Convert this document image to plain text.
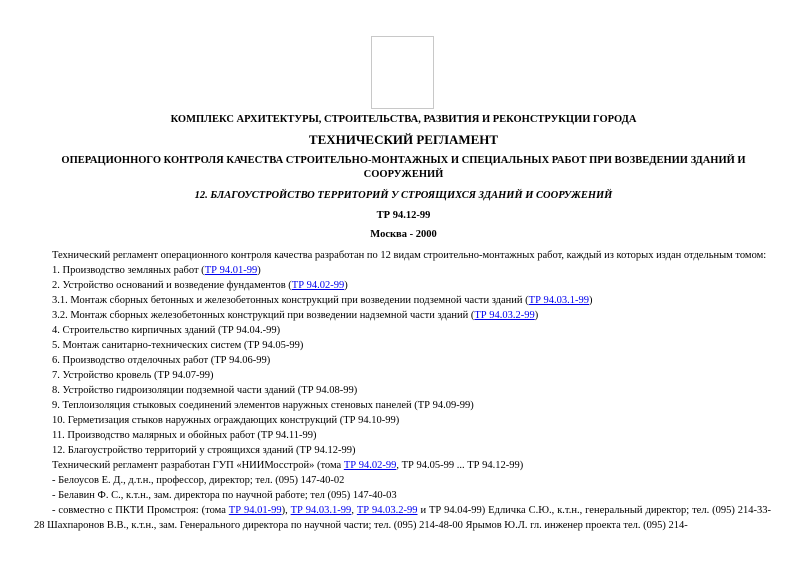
КОМПЛЕКС АРХИТЕКТУРЫ, СТРОИТЕЛЬСТВА, РАЗВИТИЯ И РЕКОНСТРУКЦИИ ГОРОДА
ТЕХНИЧЕСКИЙ РЕГЛАМЕНТ
ОПЕРАЦИОННОГО КОНТРОЛЯ КАЧЕСТВА СТРОИТЕЛЬНО-МОНТАЖНЫХ И СПЕЦИАЛЬНЫХ РАБОТ ПРИ ВОЗВЕДЕНИИ ЗДАНИЙ И СООРУЖЕНИЙ
12. БЛАГОУСТРОЙСТВО ТЕРРИТОРИЙ У СТРОЯЩИХСЯ ЗДАНИЙ И СООРУЖЕНИЙ
ТР 94.12-99
Москва - 2000

Технический регламент операционного контроля качества разработан по 12 видам строительно-монтажных работ, каждый из которых издан отдельным томом:

1. Производство земляных работ (ТР 94.01-99)

2. Устройство оснований и возведение фундаментов (ТР 94.02-99)

3.1. Монтаж сборных бетонных и железобетонных конструкций при возведении подземной части зданий (ТР 94.03.1-99)

3.2. Монтаж сборных железобетонных конструкций при возведении надземной части зданий (ТР 94.03.2-99)

4. Строительство кирпичных зданий (ТР 94.04.-99)

5. Монтаж санитарно-технических систем (ТР 94.05-99)

6. Производство отделочных работ (ТР 94.06-99)

7. Устройство кровель (ТР 94.07-99)

8. Устройство гидроизоляции подземной части зданий (ТР 94.08-99)

9. Теплоизоляция стыковых соединений элементов наружных стеновых панелей (ТР 94.09-99)

10. Герметизация стыков наружных ограждающих конструкций (ТР 94.10-99)

11. Производство малярных и обойных работ (ТР 94.11-99)

12. Благоустройство территорий у строящихся зданий (ТР 94.12-99)

Технический регламент разработан ГУП «НИИМосстрой» (тома ТР 94.02-99, ТР 94.05-99 ... ТР 94.12-99)

- Белоусов Е. Д., д.т.н., профессор, директор; тел. (095) 147-40-02

- Белавин Ф. С., к.т.н., зам. директора по научной работе; тел (095) 147-40-03

- совместно с ПКТИ Промстроя: (тома ТР 94.01-99), ТР 94.03.1-99, ТР 94.03.2-99 и ТР 94.04-99) Едличка С.Ю., к.т.н., генеральный директор; тел. (095) 214-33-28 Шахпаронов В.В., к.т.н., зам. Генерального директора по научной части; тел. (095) 214-48-00 Ярымов Ю.Л. гл. инженер проекта тел. (095) 214-
